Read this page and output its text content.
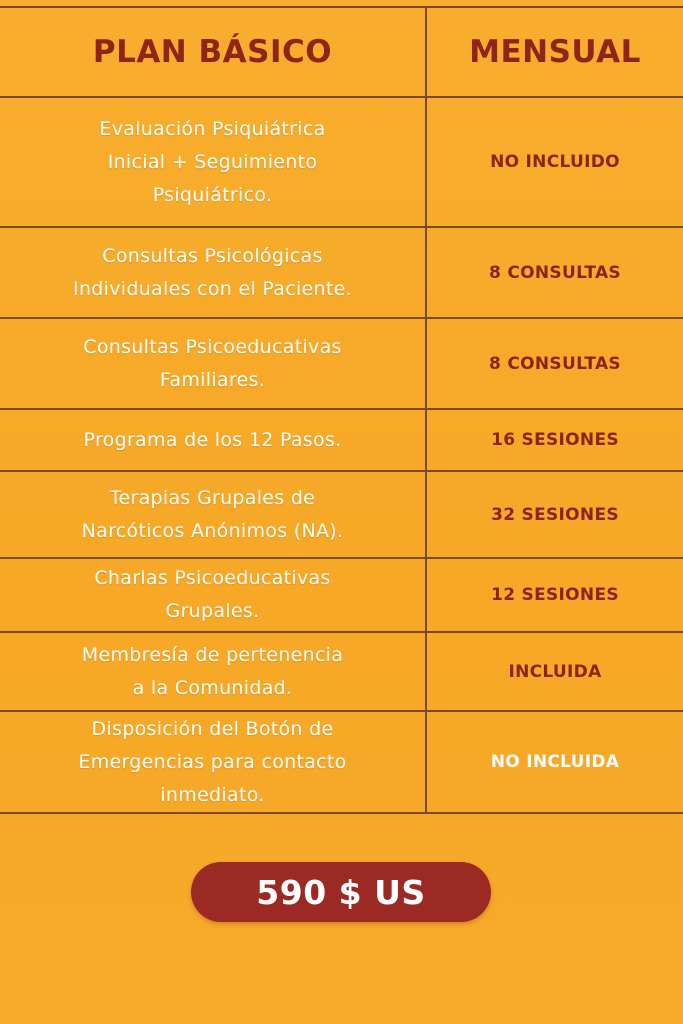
PLAN BÁSICO	MENSUAL
Evaluación Psiquiátrica
Inicial + Seguimiento
Psiquiátrico.
NO INCLUIDO
Consultas Psicológicas
Individuales con el Paciente.
8 CONSULTAS
Consultas Psicoeducativas
Familiares.
8 CONSULTAS
Programa de los 12 Pasos.	16 SESIONES
Terapias Grupales de
Narcóticos Anónimos (NA).
32 SESIONES
Charlas Psicoeducativas
Grupales.
12 SESIONES
Membresía de pertenencia
a la Comunidad.
INCLUIDA
Disposición del Botón de
Emergencias para contacto
inmediato.
NO INCLUIDA
590 $ US
